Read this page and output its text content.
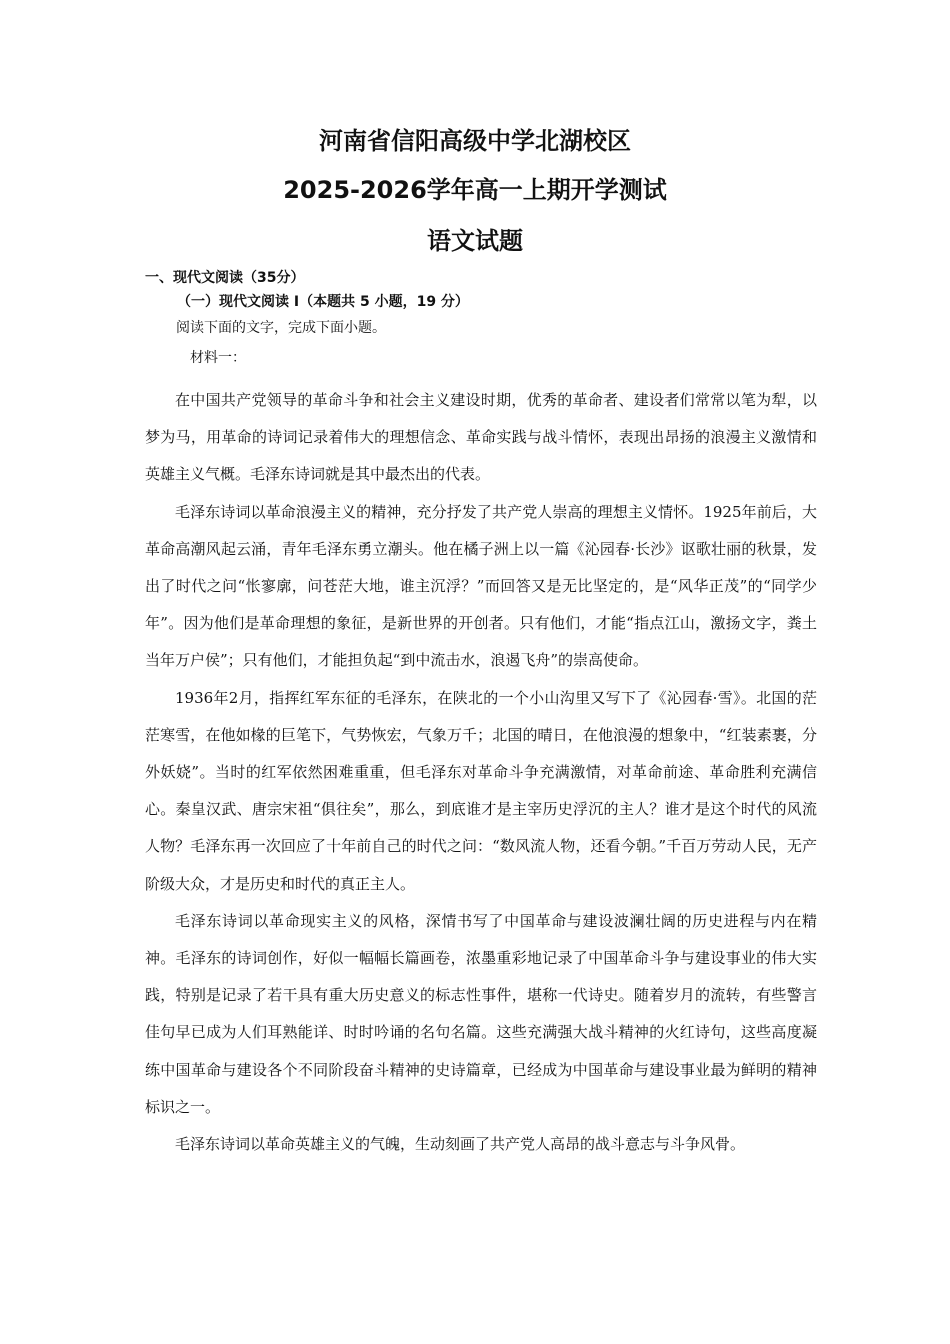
河南省信阳高级中学北湖校区
2025-2026学年高一上期开学测试
语文试题
一、现代文阅读（35分）
（一）现代文阅读 I（本题共 5 小题，19 分）
阅读下面的文字，完成下面小题。
材料一：

在中国共产党领导的革命斗争和社会主义建设时期，优秀的革命者、建设者们常常以笔为犁，以梦为马，用革命的诗词记录着伟大的理想信念、革命实践与战斗情怀，表现出昂扬的浪漫主义激情和英雄主义气概。毛泽东诗词就是其中最杰出的代表。

毛泽东诗词以革命浪漫主义的精神，充分抒发了共产党人崇高的理想主义情怀。1925年前后，大革命高潮风起云涌，青年毛泽东勇立潮头。他在橘子洲上以一篇《沁园春·长沙》讴歌壮丽的秋景，发出了时代之问“怅寥廓，问苍茫大地，谁主沉浮？”而回答又是无比坚定的，是“风华正茂”的“同学少年”。因为他们是革命理想的象征，是新世界的开创者。只有他们，才能“指点江山，激扬文字，粪土当年万户侯”；只有他们，才能担负起“到中流击水，浪遏飞舟”的崇高使命。

1936年2月，指挥红军东征的毛泽东，在陕北的一个小山沟里又写下了《沁园春·雪》。北国的茫茫寒雪，在他如椽的巨笔下，气势恢宏，气象万千；北国的晴日，在他浪漫的想象中，“红装素裹，分外妖娆”。当时的红军依然困难重重，但毛泽东对革命斗争充满激情，对革命前途、革命胜利充满信心。秦皇汉武、唐宗宋祖“俱往矣”，那么，到底谁才是主宰历史浮沉的主人？谁才是这个时代的风流人物？毛泽东再一次回应了十年前自己的时代之问：“数风流人物，还看今朝。”千百万劳动人民，无产阶级大众，才是历史和时代的真正主人。

毛泽东诗词以革命现实主义的风格，深情书写了中国革命与建设波澜壮阔的历史进程与内在精神。毛泽东的诗词创作，好似一幅幅长篇画卷，浓墨重彩地记录了中国革命斗争与建设事业的伟大实践，特别是记录了若干具有重大历史意义的标志性事件，堪称一代诗史。随着岁月的流转，有些警言佳句早已成为人们耳熟能详、时时吟诵的名句名篇。这些充满强大战斗精神的火红诗句，这些高度凝练中国革命与建设各个不同阶段奋斗精神的史诗篇章，已经成为中国革命与建设事业最为鲜明的精神标识之一。

毛泽东诗词以革命英雄主义的气魄，生动刻画了共产党人高昂的战斗意志与斗争风骨。
